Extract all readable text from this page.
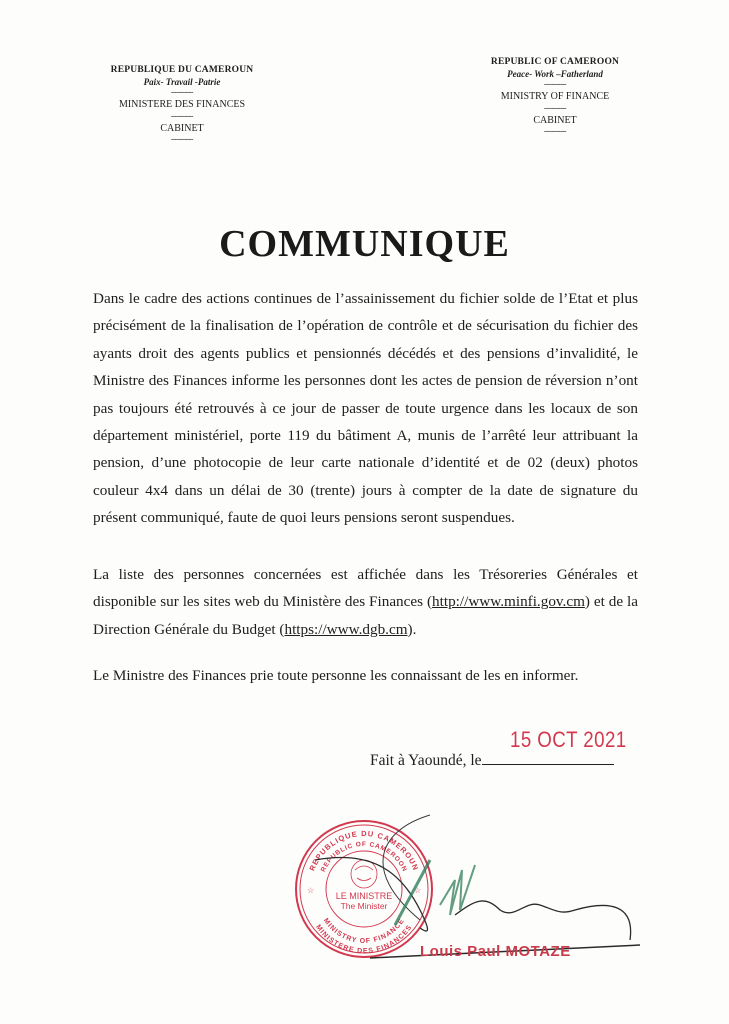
REPUBLIQUE DU CAMEROUN
Paix- Travail -Patrie
------------
MINISTERE DES FINANCES
------------
CABINET
------------
REPUBLIC OF CAMEROON
Peace- Work –Fatherland
------------
MINISTRY OF FINANCE
------------
CABINET
------------
COMMUNIQUE
Dans le cadre des actions continues de l’assainissement du fichier solde de l’Etat et plus précisément de la finalisation de l’opération de contrôle et de sécurisation du fichier des ayants droit des agents publics et pensionnés décédés et des pensions d’invalidité, le Ministre des Finances informe les personnes dont les actes de pension de réversion n’ont pas toujours été retrouvés à ce jour de passer de toute urgence dans les locaux de son département ministériel, porte 119 du bâtiment A, munis de l’arrêté leur attribuant la pension, d’une photocopie de leur carte nationale d’identité et de 02 (deux) photos couleur 4x4 dans un délai de 30 (trente) jours à compter de la date de signature du présent communiqué, faute de quoi leurs pensions seront suspendues.
La liste des personnes concernées est affichée dans les Trésoreries Générales et disponible sur les sites web du Ministère des Finances (http://www.minfi.gov.cm) et de la Direction Générale du Budget (https://www.dgb.cm).
Le Ministre des Finances prie toute personne les connaissant de les en informer.
Fait à Yaoundé, le
15 OCT 2021
REPUBLIQUE DU CAMEROUN
REPUBLIC OF CAMEROON
MINISTRY OF FINANCE
MINISTERE DES FINANCES
☆	☆
LE MINISTRE
The Minister
Louis Paul MOTAZE
